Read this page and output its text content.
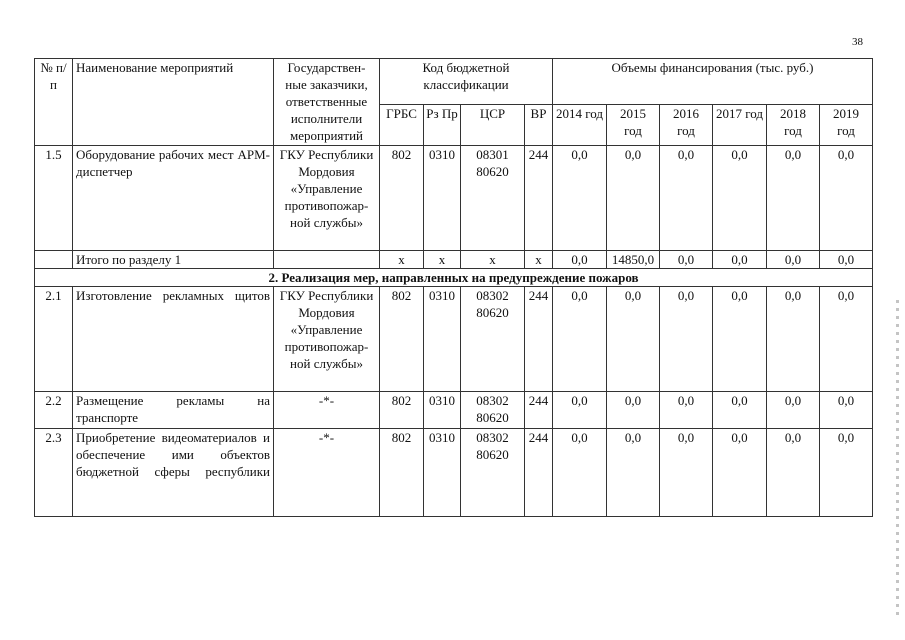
38
№ п/п	Наименование мероприятий	Государствен-ные заказчики, ответственные исполнители мероприятий	Код бюджетной классификации				Объемы финансирования (тыс. руб.)					
			ГРБС	Рз Пр	ЦСР	ВР	2014 год	2015 год	2016 год	2017 год	2018 год	2019 год
1.5	Оборудование рабочих мест АРМ-диспетчер	ГКУ Республики Мордовия «Управление противопожар-ной службы»	802	0310	08301 80620	244	0,0	0,0	0,0	0,0	0,0	0,0
	Итого по разделу 1		х	х	х	х	0,0	14850,0	0,0	0,0	0,0	0,0
2. Реализация мер, направленных на предупреждение пожаров												
2.1	Изготовление рекламных щитов	ГКУ Республики Мордовия «Управление противопожар-ной службы»	802	0310	08302 80620	244	0,0	0,0	0,0	0,0	0,0	0,0
2.2	Размещение рекламы на транспорте	-*-	802	0310	08302 80620	244	0,0	0,0	0,0	0,0	0,0	0,0
2.3	Приобретение видеоматериалов и обеспечение ими объектов бюджетной сферы республики	-*-	802	0310	08302 80620	244	0,0	0,0	0,0	0,0	0,0	0,0
